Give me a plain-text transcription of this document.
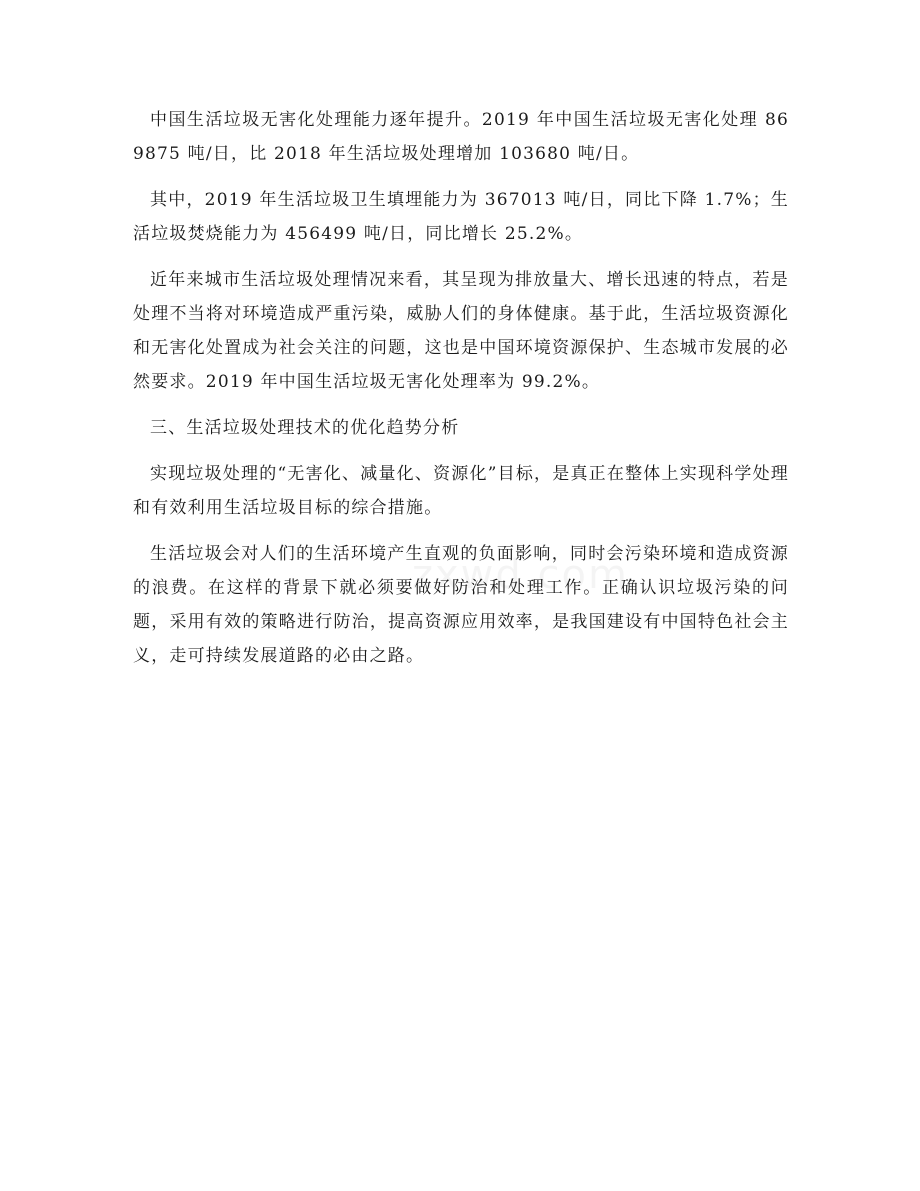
中国生活垃圾无害化处理能力逐年提升。2019 年中国生活垃圾无害化处理 869875 吨/日，比 2018 年生活垃圾处理增加 103680 吨/日。

其中，2019 年生活垃圾卫生填埋能力为 367013 吨/日，同比下降 1.7%；生活垃圾焚烧能力为 456499 吨/日，同比增长 25.2%。

近年来城市生活垃圾处理情况来看，其呈现为排放量大、增长迅速的特点，若是处理不当将对环境造成严重污染，威胁人们的身体健康。基于此，生活垃圾资源化和无害化处置成为社会关注的问题，这也是中国环境资源保护、生态城市发展的必然要求。2019 年中国生活垃圾无害化处理率为 99.2%。

三、生活垃圾处理技术的优化趋势分析

实现垃圾处理的“无害化、减量化、资源化”目标，是真正在整体上实现科学处理和有效利用生活垃圾目标的综合措施。

生活垃圾会对人们的生活环境产生直观的负面影响，同时会污染环境和造成资源的浪费。在这样的背景下就必须要做好防治和处理工作。正确认识垃圾污染的问题，采用有效的策略进行防治，提高资源应用效率，是我国建设有中国特色社会主义，走可持续发展道路的必由之路。
